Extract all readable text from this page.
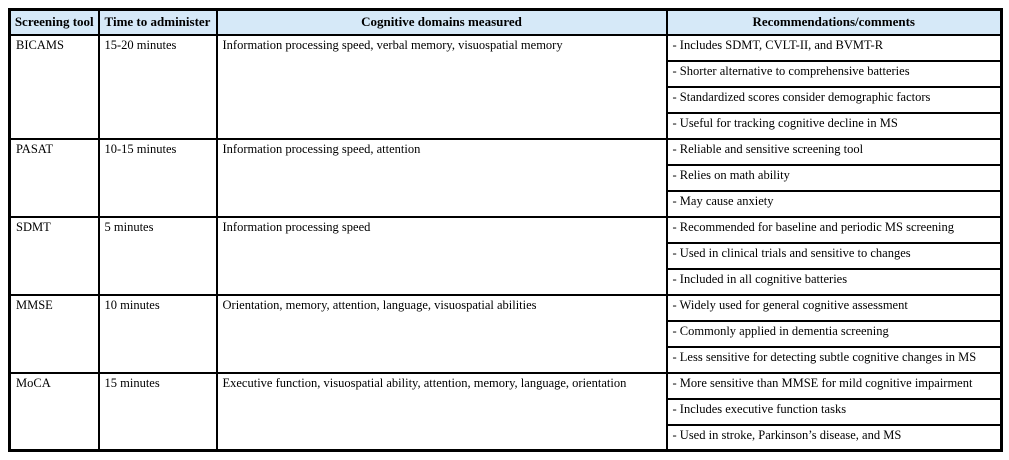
Screening tool	Time to administer	Cognitive domains measured	Recommendations/comments
BICAMS	15-20 minutes	Information processing speed, verbal memory, visuospatial memory	- Includes SDMT, CVLT-II, and BVMT-R
			- Shorter alternative to comprehensive batteries
			- Standardized scores consider demographic factors
			- Useful for tracking cognitive decline in MS
PASAT	10-15 minutes	Information processing speed, attention	- Reliable and sensitive screening tool
			- Relies on math ability
			- May cause anxiety
SDMT	5 minutes	Information processing speed	- Recommended for baseline and periodic MS screening
			- Used in clinical trials and sensitive to changes
			- Included in all cognitive batteries
MMSE	10 minutes	Orientation, memory, attention, language, visuospatial abilities	- Widely used for general cognitive assessment
			- Commonly applied in dementia screening
			- Less sensitive for detecting subtle cognitive changes in MS
MoCA	15 minutes	Executive function, visuospatial ability, attention, memory, language, orientation	- More sensitive than MMSE for mild cognitive impairment
			- Includes executive function tasks
			- Used in stroke, Parkinson’s disease, and MS
